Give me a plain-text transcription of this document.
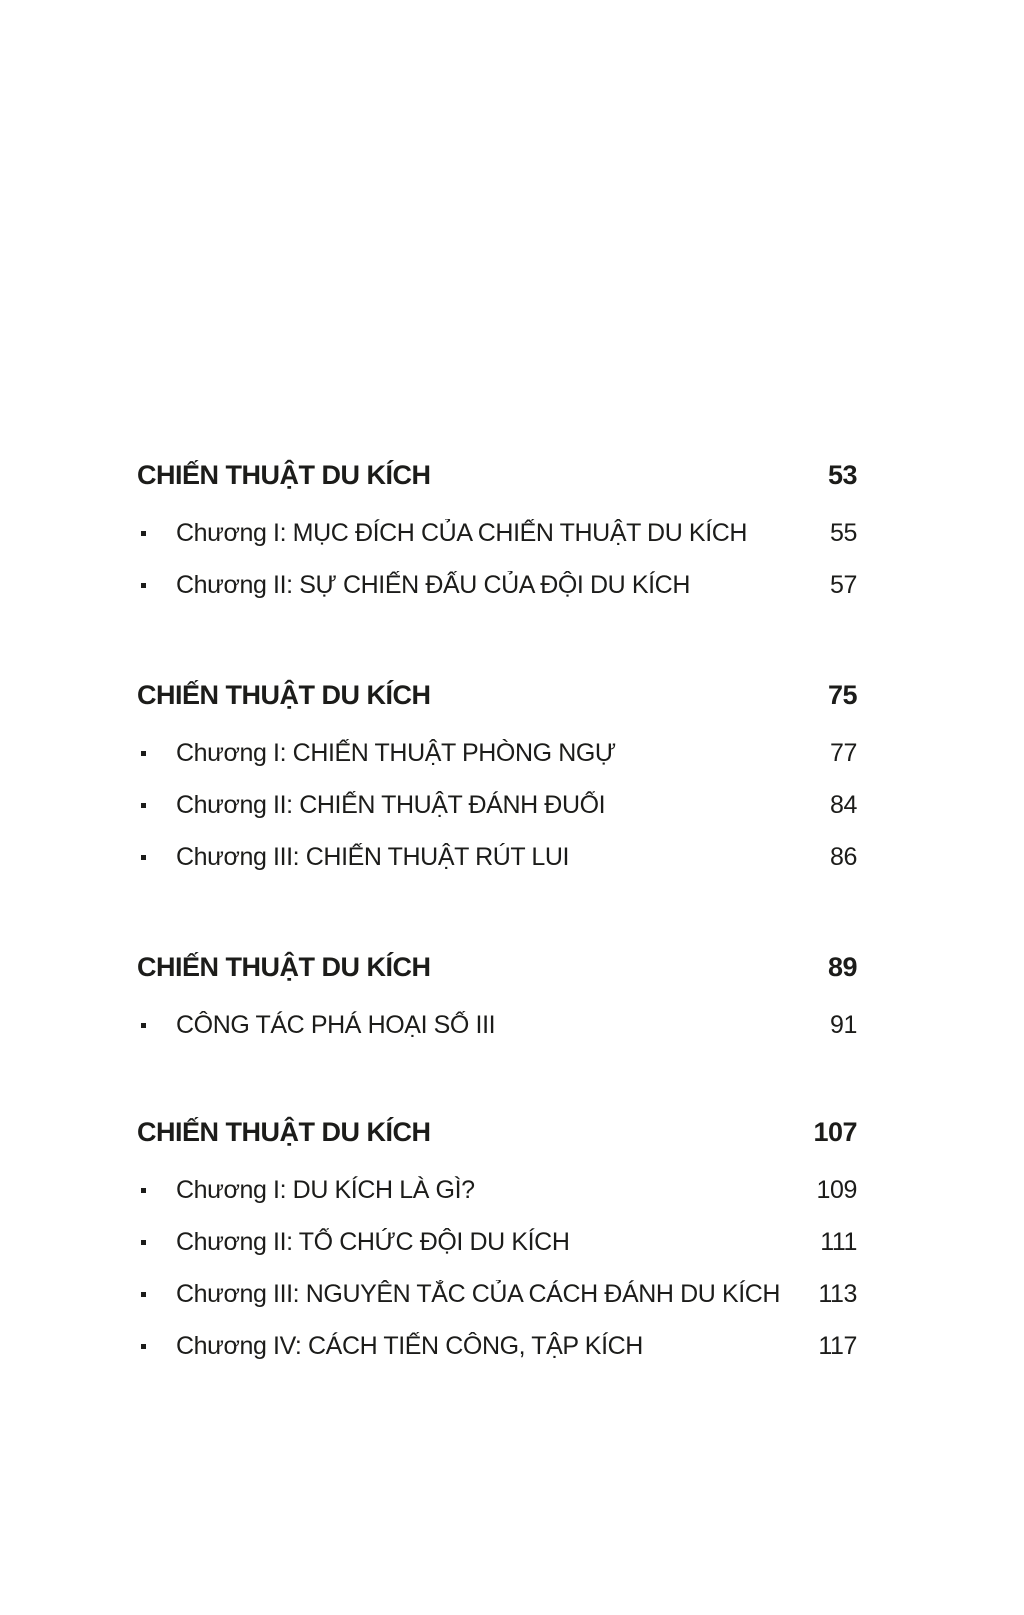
CHIẾN THUẬT DU KÍCH	53
Chương I: MỤC ĐÍCH CỦA CHIẾN THUẬT DU KÍCH	55
Chương II: SỰ CHIẾN ĐẤU CỦA ĐỘI DU KÍCH	57
CHIẾN THUẬT DU KÍCH	75
Chương I: CHIẾN THUẬT PHÒNG NGỰ	77
Chương II: CHIẾN THUẬT ĐÁNH ĐUỔI	84
Chương III: CHIẾN THUẬT RÚT LUI	86
CHIẾN THUẬT DU KÍCH	89
CÔNG TÁC PHÁ HOẠI SỐ III	91
CHIẾN THUẬT DU KÍCH	107
Chương I: DU KÍCH LÀ GÌ?	109
Chương II: TỔ CHỨC ĐỘI DU KÍCH	111
Chương III: NGUYÊN TẮC CỦA CÁCH ĐÁNH DU KÍCH	113
Chương IV: CÁCH TIẾN CÔNG, TẬP KÍCH	117
